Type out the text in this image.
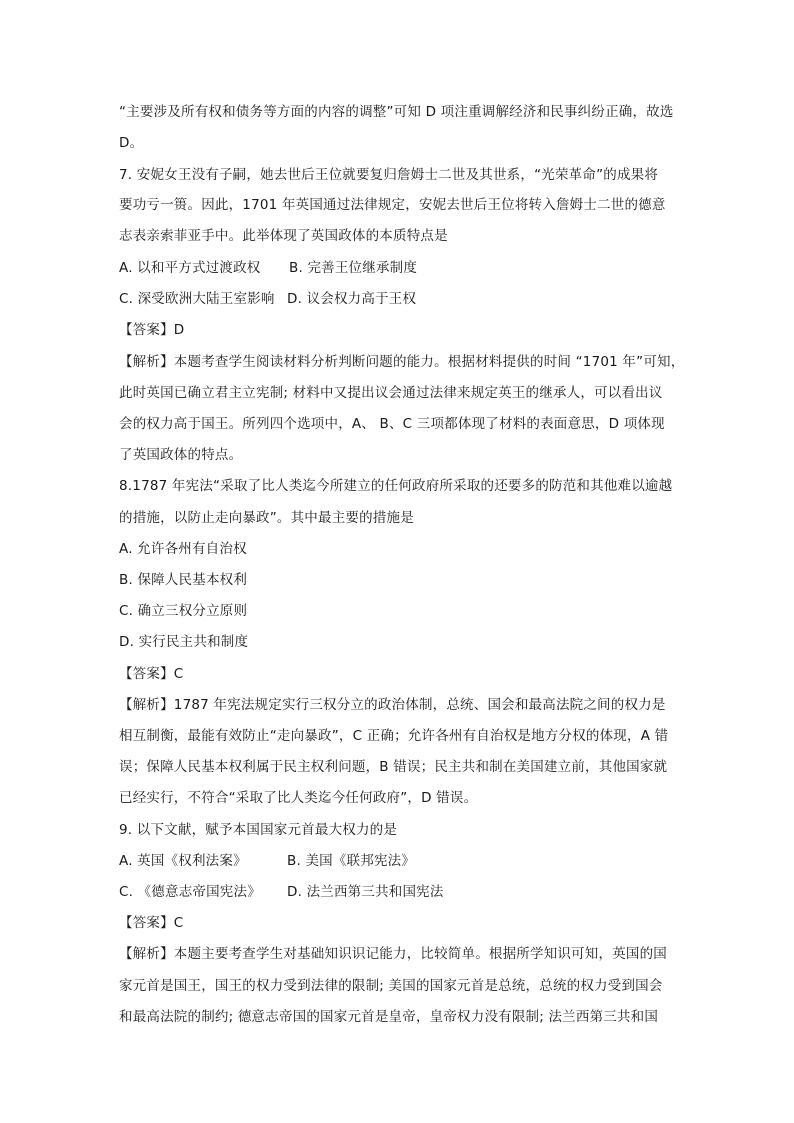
“主要涉及所有权和债务等方面的内容的调整”可知 D 项注重调解经济和民事纠纷正确，故选
D。
7. 安妮女王没有子嗣，她去世后王位就要复归詹姆士二世及其世系，“光荣革命”的成果将
要功亏一篑。因此，1701 年英国通过法律规定，安妮去世后王位将转入詹姆士二世的德意
志表亲索菲亚手中。此举体现了英国政体的本质特点是
A. 以和平方式过渡政权 B. 完善王位继承制度
C. 深受欧洲大陆王室影响 D. 议会权力高于王权
【答案】D
【解析】本题考查学生阅读材料分析判断问题的能力。根据材料提供的时间 “1701 年”可知，
此时英国已确立君主立宪制; 材料中又提出议会通过法律来规定英王的继承人，可以看出议
会的权力高于国王。所列四个选项中，A、 B、C 三项都体现了材料的表面意思，D 项体现
了英国政体的特点。
8.1787 年宪法“采取了比人类迄今所建立的任何政府所采取的还要多的防范和其他难以逾越
的措施，以防止走向暴政”。其中最主要的措施是
A. 允许各州有自治权
B. 保障人民基本权利
C. 确立三权分立原则
D. 实行民主共和制度
【答案】C
【解析】1787 年宪法规定实行三权分立的政治体制，总统、国会和最高法院之间的权力是
相互制衡，最能有效防止“走向暴政”，C 正确；允许各州有自治权是地方分权的体现，A 错
误；保障人民基本权利属于民主权利问题，B 错误；民主共和制在美国建立前，其他国家就
已经实行，不符合“采取了比人类迄今任何政府”，D 错误。
9. 以下文献，赋予本国国家元首最大权力的是
A. 英国《权利法案》	B. 美国《联邦宪法》
C. 《德意志帝国宪法》 D. 法兰西第三共和国宪法
【答案】C
【解析】本题主要考查学生对基础知识识记能力，比较简单。根据所学知识可知，英国的国
家元首是国王，国王的权力受到法律的限制; 美国的国家元首是总统，总统的权力受到国会
和最高法院的制约; 德意志帝国的国家元首是皇帝，皇帝权力没有限制; 法兰西第三共和国
